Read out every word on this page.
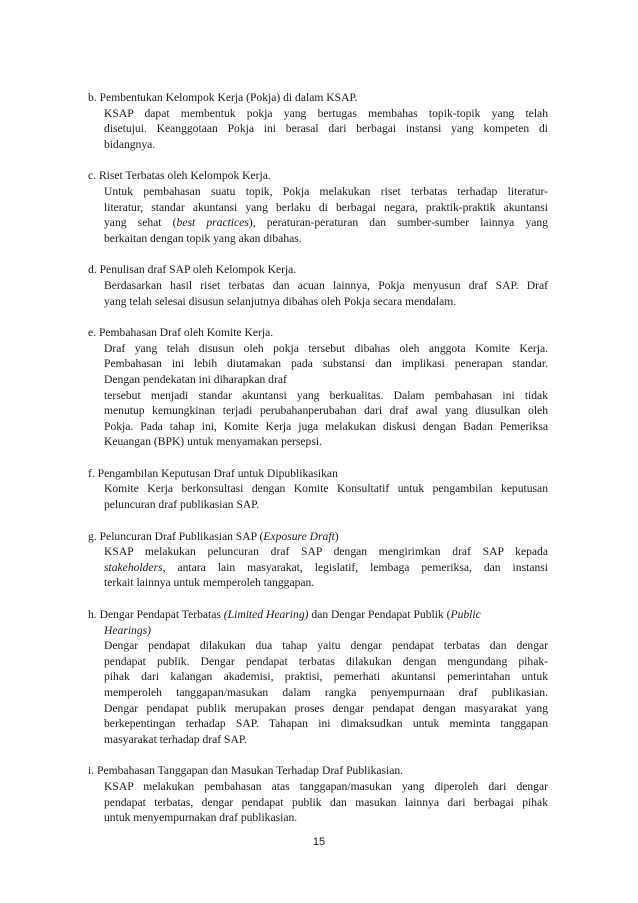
b. Pembentukan Kelompok Kerja (Pokja) di dalam KSAP.
KSAP dapat membentuk pokja yang bertugas membahas topik-topik yang telah
disetujui. Keanggotaan Pokja ini berasal dari berbagai instansi yang kompeten di
bidangnya.
c. Riset Terbatas oleh Kelompok Kerja.
Untuk pembahasan suatu topik, Pokja melakukan riset terbatas terhadap literatur-
literatur, standar akuntansi yang berlaku di berbagai negara, praktik-praktik akuntansi
yang sehat (best practices), peraturan-peraturan dan sumber-sumber lainnya yang
berkaitan dengan topik yang akan dibahas.
d. Penulisan draf SAP oleh Kelompok Kerja.
Berdasarkan hasil riset terbatas dan acuan lainnya, Pokja menyusun draf SAP. Draf
yang telah selesai disusun selanjutnya dibahas oleh Pokja secara mendalam.
e. Pembahasan Draf oleh Komite Kerja.
Draf yang telah disusun oleh pokja tersebut dibahas oleh anggota Komite Kerja.
Pembahasan ini lebih diutamakan pada substansi dan implikasi penerapan standar.
Dengan pendekatan ini diharapkan draf
tersebut menjadi standar akuntansi yang berkualitas. Dalam pembahasan ini tidak
menutup kemungkinan terjadi perubahanperubahan dari draf awal yang diusulkan oleh
Pokja. Pada tahap ini, Komite Kerja juga melakukan diskusi dengan Badan Pemeriksa
Keuangan (BPK) untuk menyamakan persepsi.
f. Pengambilan Keputusan Draf untuk Dipublikasikan
Komite Kerja berkonsultasi dengan Komite Konsultatif untuk pengambilan keputusan
peluncuran draf publikasian SAP.
g. Peluncuran Draf Publikasian SAP (Exposure Draft)
KSAP melakukan peluncuran draf SAP dengan mengirimkan draf SAP kepada
stakeholders, antara lain masyarakat, legislatif, lembaga pemeriksa, dan instansi
terkait lainnya untuk memperoleh tanggapan.
h. Dengar Pendapat Terbatas (Limited Hearing) dan Dengar Pendapat Publik (Public
Hearings)
Dengar pendapat dilakukan dua tahap yaitu dengar pendapat terbatas dan dengar
pendapat publik. Dengar pendapat terbatas dilakukan dengan mengundang pihak-
pihak dari kalangan akademisi, praktisi, pemerhati akuntansi pemerintahan untuk
memperoleh tanggapan/masukan dalam rangka penyempurnaan draf publikasian.
Dengar pendapat publik merupakan proses dengar pendapat dengan masyarakat yang
berkepentingan terhadap SAP. Tahapan ini dimaksudkan untuk meminta tanggapan
masyarakat terhadap draf SAP.
i. Pembahasan Tanggapan dan Masukan Terhadap Draf Publikasian.
KSAP melakukan pembahasan atas tanggapan/masukan yang diperoleh dari dengar
pendapat terbatas, dengar pendapat publik dan masukan lainnya dari berbagai pihak
untuk menyempurnakan draf publikasian.
15
